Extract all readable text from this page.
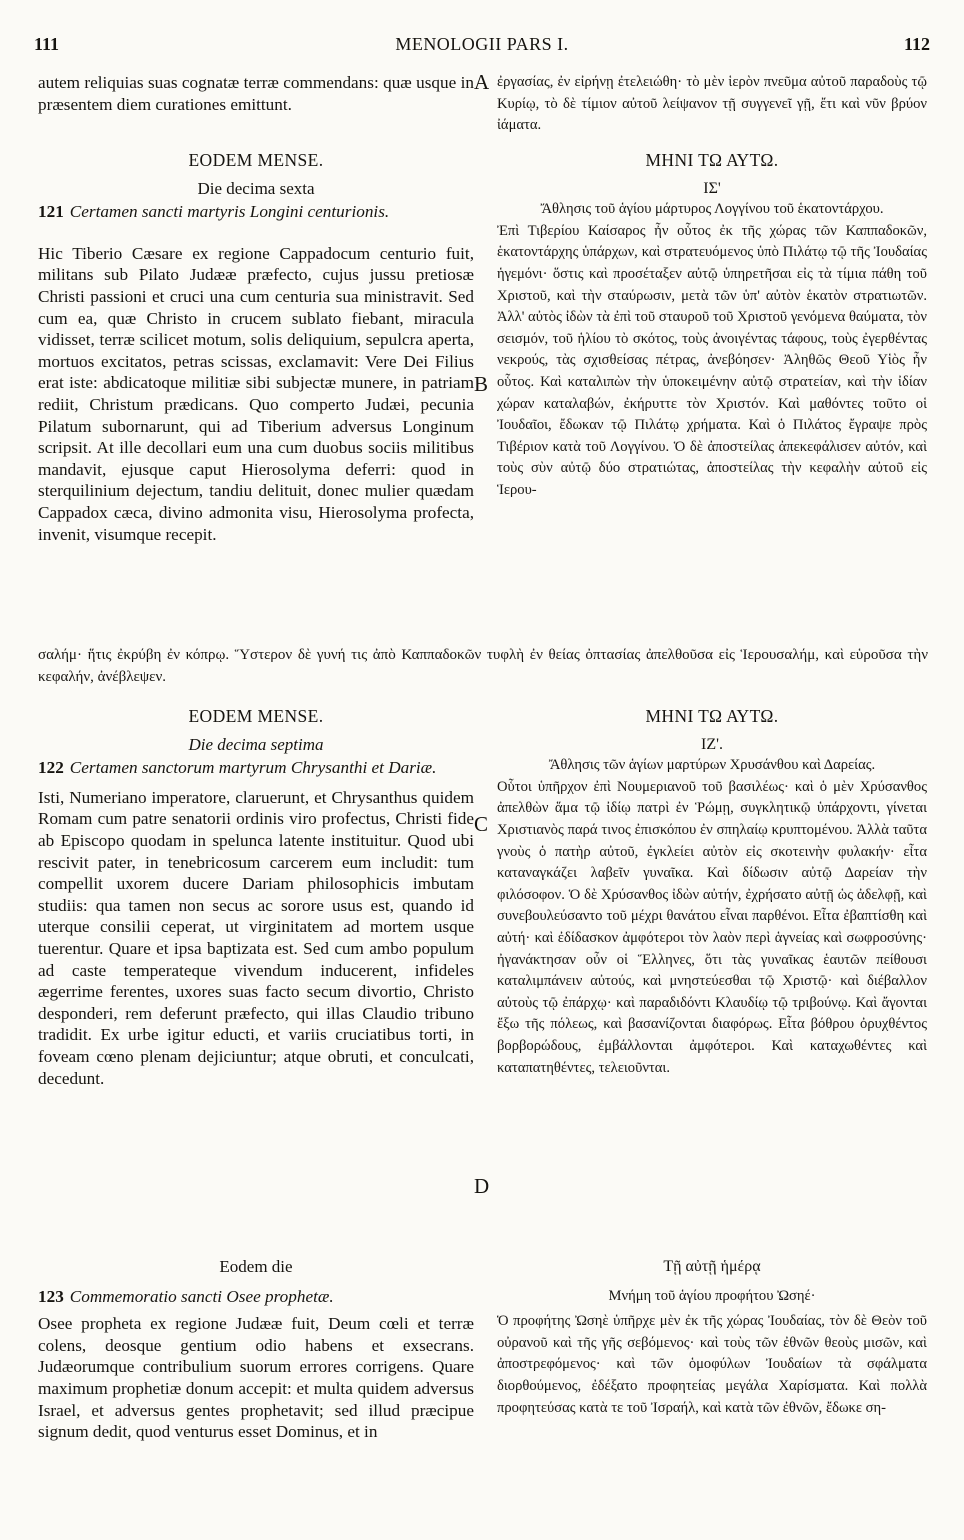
111	MENOLOGII PARS I.	112
A
B
C
D

autem reliquias suas cognatæ terræ commendans: quæ usque in præsentem diem curationes emittunt.

ἐργασίας, ἐν εἰρήνῃ ἐτελειώθη· τὸ μὲν ἱερὸν πνεῦμα αὐτοῦ παραδοὺς τῷ Κυρίῳ, τὸ δὲ τίμιον αὐτοῦ λείψανον τῇ συγγενεῖ γῇ, ἔτι καὶ νῦν βρύον ἰάματα.

EODEM MENSE.

Die decima sexta

121 Certamen sancti martyris Longini centurionis.

Hic Tiberio Cæsare ex regione Cappadocum centurio fuit, militans sub Pilato Judææ præfecto, cujus jussu pretiosæ Christi passioni et cruci una cum centuria sua ministravit. Sed cum ea, quæ Christo in crucem sublato fiebant, miracula vidisset, terræ scilicet motum, solis deliquium, sepulcra aperta, mortuos excitatos, petras scissas, exclamavit: Vere Dei Filius erat iste: abdicatoque militiæ sibi subjectæ munere, in patriam rediit, Christum prædicans. Quo comperto Judæi, pecunia Pilatum subornarunt, qui ad Tiberium adversus Longinum scripsit. At ille decollari eum una cum duobus sociis militibus mandavit, ejusque caput Hierosolyma deferri: quod in sterquilinium dejectum, tandiu delituit, donec mulier quædam Cappadox cæca, divino admonita visu, Hierosolyma profecta, invenit, visumque recepit.

ΜΗΝΙ ΤΩ ΑΥΤΩ.

ΙΣ'

Ἄθλησις τοῦ ἁγίου μάρτυρος Λογγίνου τοῦ ἑκατοντάρχου.

Ἐπὶ Τιβερίου Καίσαρος ἦν οὗτος ἐκ τῆς χώρας τῶν Καππαδοκῶν, ἑκατοντάρχης ὑπάρχων, καὶ στρατευόμενος ὑπὸ Πιλάτῳ τῷ τῆς Ἰουδαίας ἡγεμόνι· ὅστις καὶ προσέταξεν αὐτῷ ὑπηρετῆσαι εἰς τὰ τίμια πάθη τοῦ Χριστοῦ, καὶ τὴν σταύρωσιν, μετὰ τῶν ὑπ' αὐτὸν ἑκατὸν στρατιωτῶν. Ἀλλ' αὐτὸς ἰδὼν τὰ ἐπὶ τοῦ σταυροῦ τοῦ Χριστοῦ γενόμενα θαύματα, τὸν σεισμόν, τοῦ ἡλίου τὸ σκότος, τοὺς ἀνοιγέντας τάφους, τοὺς ἐγερθέντας νεκρούς, τὰς σχισθείσας πέτρας, ἀνεβόησεν· Ἀληθῶς Θεοῦ Υἱὸς ἦν οὗτος. Καὶ καταλιπὼν τὴν ὑποκειμένην αὐτῷ στρατείαν, καὶ τὴν ἰδίαν χώραν καταλαβών, ἐκήρυττε τὸν Χριστόν. Καὶ μαθόντες τοῦτο οἱ Ἰουδαῖοι, ἔδωκαν τῷ Πιλάτῳ χρήματα. Καὶ ὁ Πιλάτος ἔγραψε πρὸς Τιβέριον κατὰ τοῦ Λογγίνου. Ὁ δὲ ἀποστείλας ἀπεκεφάλισεν αὐτόν, καὶ τοὺς σὺν αὐτῷ δύο στρατιώτας, ἀποστείλας τὴν κεφαλὴν αὐτοῦ εἰς Ἱερου-

σαλήμ· ἥτις ἐκρύβη ἐν κόπρῳ. Ὕστερον δὲ γυνή τις ἀπὸ Καππαδοκῶν τυφλὴ ἐν θείας ὀπτασίας ἀπελθοῦσα εἰς Ἱερουσαλήμ, καὶ εὑροῦσα τὴν κεφαλήν, ἀνέβλεψεν.

EODEM MENSE.

Die decima septima

122 Certamen sanctorum martyrum Chrysanthi et Dariæ.

Isti, Numeriano imperatore, claruerunt, et Chrysanthus quidem Romam cum patre senatorii ordinis viro profectus, Christi fide ab Episcopo quodam in spelunca latente instituitur. Quod ubi rescivit pater, in tenebricosum carcerem eum includit: tum compellit uxorem ducere Dariam philosophicis imbutam studiis: qua tamen non secus ac sorore usus est, quando id uterque consilii ceperat, ut virginitatem ad mortem usque tuerentur. Quare et ipsa baptizata est. Sed cum ambo populum ad caste temperateque vivendum inducerent, infideles ægerrime ferentes, uxores suas facto secum divortio, Christo desponderi, rem deferunt præfecto, qui illas Claudio tribuno tradidit. Ex urbe igitur educti, et variis cruciatibus torti, in foveam cœno plenam dejiciuntur; atque obruti, et conculcati, decedunt.

ΜΗΝΙ ΤΩ ΑΥΤΩ.

ΙΖ'.

Ἄθλησις τῶν ἁγίων μαρτύρων Χρυσάνθου καὶ Δαρείας.

Οὗτοι ὑπῆρχον ἐπὶ Νουμεριανοῦ τοῦ βασιλέως· καὶ ὁ μὲν Χρύσανθος ἀπελθὼν ἅμα τῷ ἰδίῳ πατρὶ ἐν Ῥώμῃ, συγκλητικῷ ὑπάρχοντι, γίνεται Χριστιανὸς παρά τινος ἐπισκόπου ἐν σπηλαίῳ κρυπτομένου. Ἀλλὰ ταῦτα γνοὺς ὁ πατὴρ αὐτοῦ, ἐγκλείει αὐτὸν εἰς σκοτεινὴν φυλακήν· εἶτα καταναγκάζει λαβεῖν γυναῖκα. Καὶ δίδωσιν αὐτῷ Δαρείαν τὴν φιλόσοφον. Ὁ δὲ Χρύσανθος ἰδὼν αὐτήν, ἐχρήσατο αὐτῇ ὡς ἀδελφῇ, καὶ συνεβουλεύσαντο τοῦ μέχρι θανάτου εἶναι παρθένοι. Εἶτα ἐβαπτίσθη καὶ αὐτή· καὶ ἐδίδασκον ἀμφότεροι τὸν λαὸν περὶ ἁγνείας καὶ σωφροσύνης· ἠγανάκτησαν οὖν οἱ Ἕλληνες, ὅτι τὰς γυναῖκας ἑαυτῶν πείθουσι καταλιμπάνειν αὐτούς, καὶ μνηστεύεσθαι τῷ Χριστῷ· καὶ διέβαλλον αὐτοὺς τῷ ἐπάρχῳ· καὶ παραδιδόντι Κλαυδίῳ τῷ τριβούνῳ. Καὶ ἄγονται ἔξω τῆς πόλεως, καὶ βασανίζονται διαφόρως. Εἶτα βόθρου ὀρυχθέντος βορβορώδους, ἐμβάλλονται ἀμφότεροι. Καὶ καταχωθέντες καὶ καταπατηθέντες, τελειοῦνται.

Eodem die

123 Commemoratio sancti Osee prophetæ.

Osee propheta ex regione Judææ fuit, Deum cœli et terræ colens, deosque gentium odio habens et exsecrans. Judæorumque contribulium suorum errores corrigens. Quare maximum prophetiæ donum accepit: et multa quidem adversus Israel, et adversus gentes prophetavit; sed illud præcipue signum dedit, quod venturus esset Dominus, et in

Τῇ αὐτῇ ἡμέρᾳ

Μνήμη τοῦ ἁγίου προφήτου Ὠσηέ·

Ὁ προφήτης Ὠσηὲ ὑπῆρχε μὲν ἐκ τῆς χώρας Ἰουδαίας, τὸν δὲ Θεὸν τοῦ οὐρανοῦ καὶ τῆς γῆς σεβόμενος· καὶ τοὺς τῶν ἐθνῶν θεοὺς μισῶν, καὶ ἀποστρεφόμενος· καὶ τῶν ὁμοφύλων Ἰουδαίων τὰ σφάλματα διορθούμενος, ἐδέξατο προφητείας μεγάλα Χαρίσματα. Καὶ πολλὰ προφητεύσας κατὰ τε τοῦ Ἰσραήλ, καὶ κατὰ τῶν ἐθνῶν, ἔδωκε ση-
